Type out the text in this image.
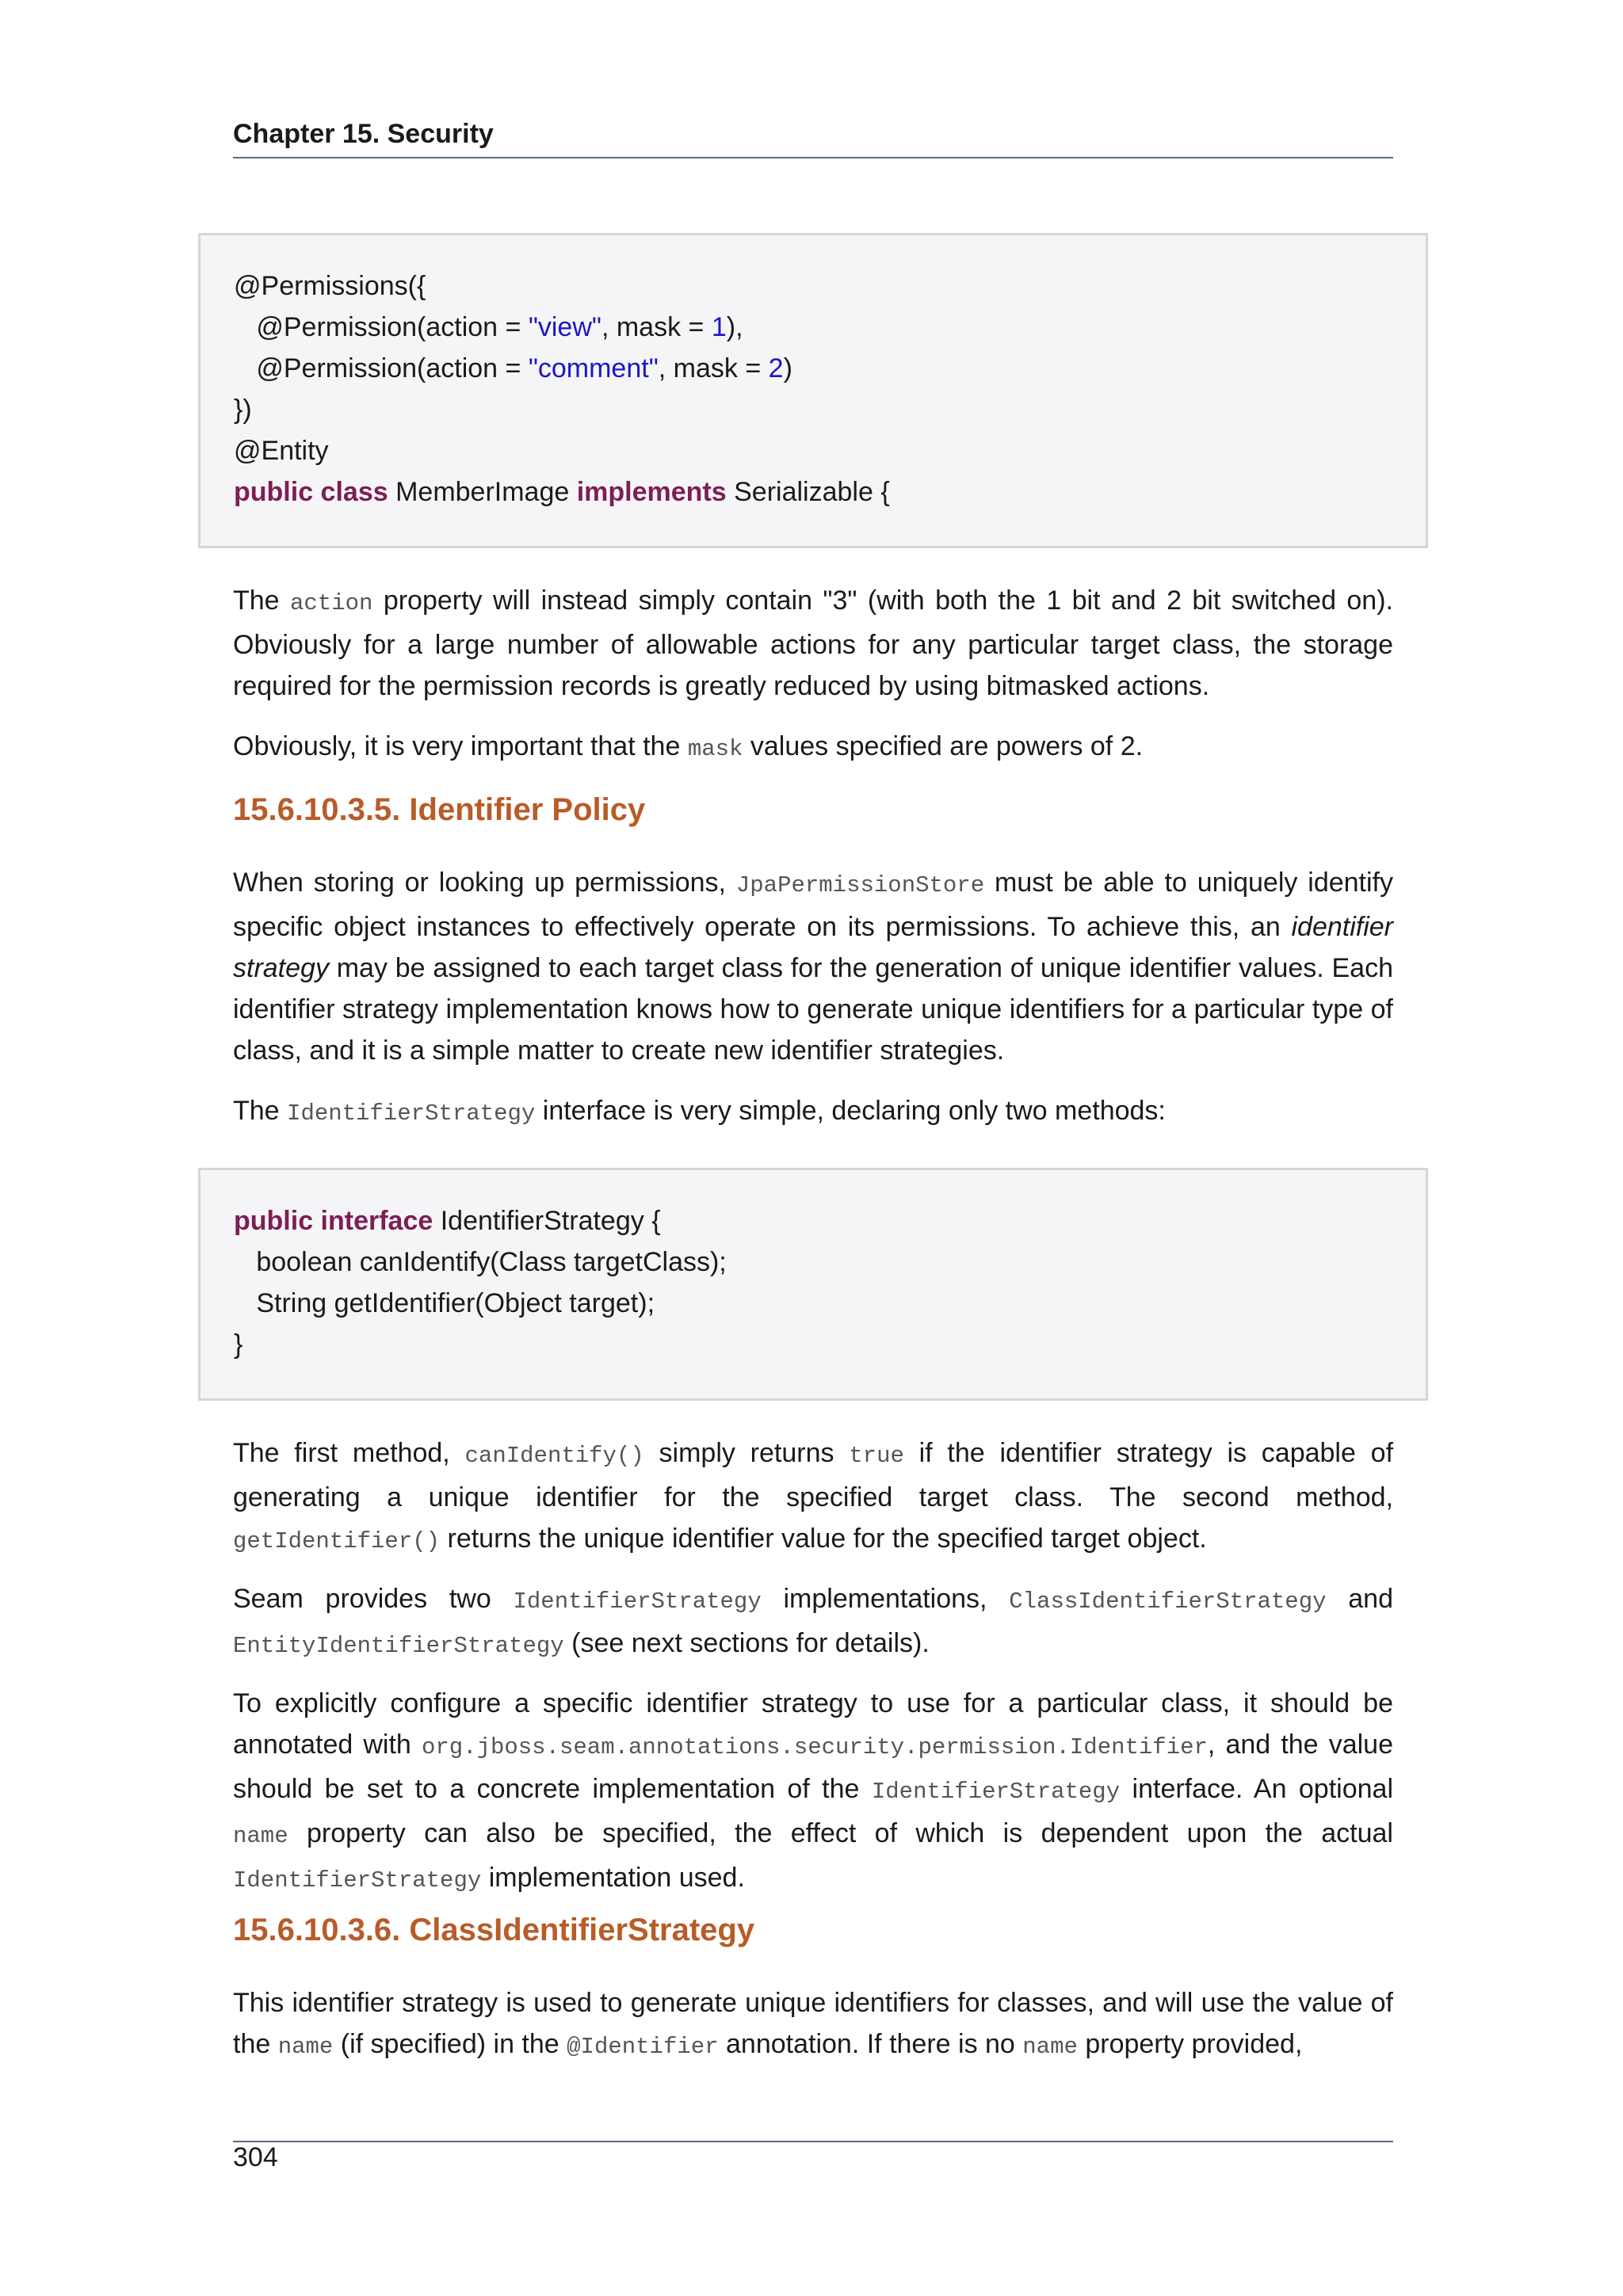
Chapter 15. Security
@Permissions({
@Permission(action = "view", mask = 1),
@Permission(action = "comment", mask = 2)
})
@Entity
public class MemberImage implements Serializable {
The action property will instead simply contain "3" (with both the 1 bit and 2 bit switched on). Obviously for a large number of allowable actions for any particular target class, the storage required for the permission records is greatly reduced by using bitmasked actions.
Obviously, it is very important that the mask values specified are powers of 2.
15.6.10.3.5. Identifier Policy
When storing or looking up permissions, JpaPermissionStore must be able to uniquely identify specific object instances to effectively operate on its permissions. To achieve this, an identifier strategy may be assigned to each target class for the generation of unique identifier values. Each identifier strategy implementation knows how to generate unique identifiers for a particular type of class, and it is a simple matter to create new identifier strategies.
The IdentifierStrategy interface is very simple, declaring only two methods:
public interface IdentifierStrategy {
boolean canIdentify(Class targetClass);
String getIdentifier(Object target);
}
The first method, canIdentify() simply returns true if the identifier strategy is capable of generating a unique identifier for the specified target class. The second method, getIdentifier() returns the unique identifier value for the specified target object.
Seam provides two IdentifierStrategy implementations, ClassIdentifierStrategy and EntityIdentifierStrategy (see next sections for details).
To explicitly configure a specific identifier strategy to use for a particular class, it should be annotated with org.jboss.seam.annotations.security.permission.Identifier, and the value should be set to a concrete implementation of the IdentifierStrategy interface. An optional name property can also be specified, the effect of which is dependent upon the actual IdentifierStrategy implementation used.
15.6.10.3.6. ClassIdentifierStrategy
This identifier strategy is used to generate unique identifiers for classes, and will use the value of the name (if specified) in the @Identifier annotation. If there is no name property provided,
304
